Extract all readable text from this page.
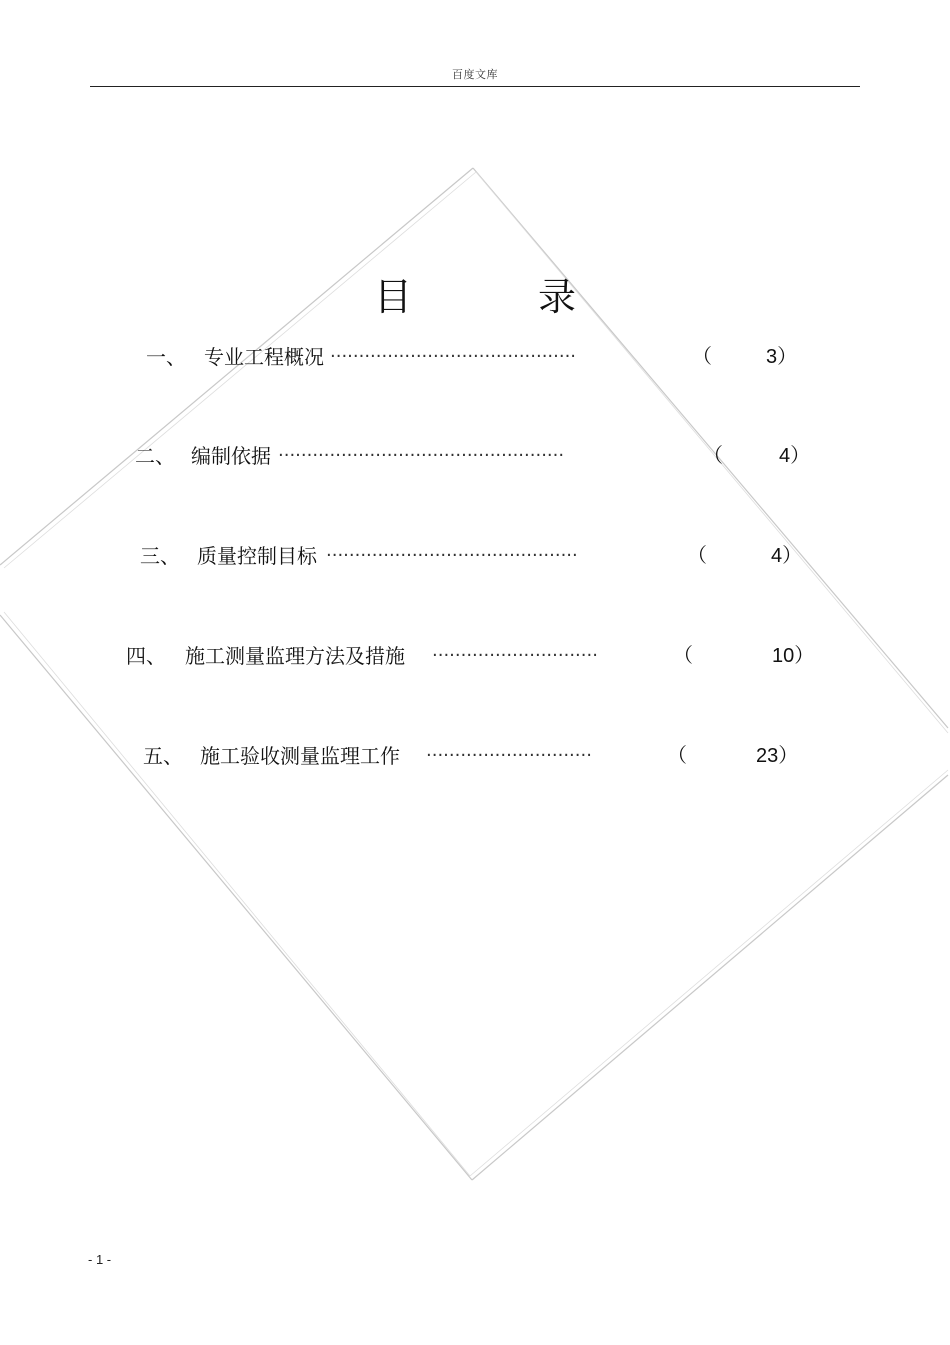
百度文库
目	录
一、 专业工程概况 ···········································	（	3）
二、 编制依据 ··················································	（	4）
三、 质量控制目标 ············································	（	4）
四、 施工测量监理方法及措施 ·····························	（	10）
五、 施工验收测量监理工作 ·····························	（	23）
- 1 -
